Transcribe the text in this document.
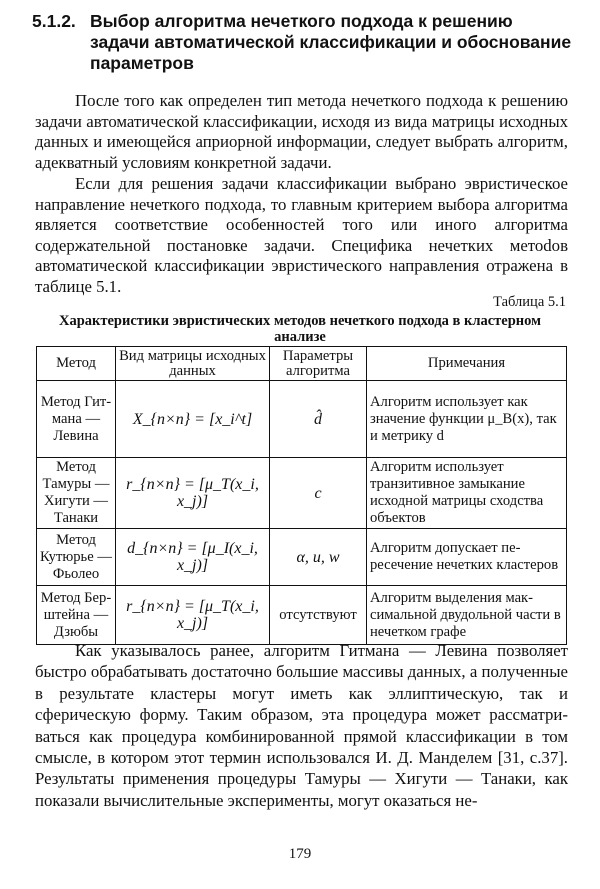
5.1.2. Выбор алгоритма нечеткого подхода к решению задачи автоматической классификации и обоснование параметров

После того как определен тип метода нечеткого подхода к решению задачи автоматической классификации, исходя из вида матрицы исходных данных и имеющейся априорной информации, следует выбрать алгоритм, адекватный условиям конкретной задачи.

Если для решения задачи классификации выбрано эвристическое направление нечеткого подхода, то главным критерием выбора алгоритма является соответствие особенностей того или иного алгоритма содержательной постановке задачи. Специфика нечетких метоdов автоматической классификации эвристического направления отражена в таблице 5.1.

Таблица 5.1
Характеристики эвристических методов нечеткого подхода в кластерном анализе
Метод	Вид матрицы исходных данных	Параметры алгоритма	Примечания
Метод Гитмана — Левина	X_{n×n} = [x_i^t]	d̂	Алгоритм использует как значение функции μ_B(x), так и метрику d
Метод Тамуры — Хигути — Танаки	r_{n×n} = [μ_T(x_i, x_j)]	c	Алгоритм использует транзитивное замыкание исходной матрицы сходства объектов
Метод Кутюрье — Фьолео	d_{n×n} = [μ_I(x_i, x_j)]	α, u, w	Алгоритм допускает пересечение нечетких кластеров
Метод Берштейна — Дзюбы	r_{n×n} = [μ_T(x_i, x_j)]	отсутствуют	Алгоритм выделения максимальной двудольной части в нечетком графе

Как указывалось ранее, алгоритм Гитмана — Левина позволяет быстро обрабатывать достаточно большие массивы данных, а полученные в результате кластеры могут иметь как эллиптическую, так и сферическую форму. Таким образом, эта процедура может рассматриваться как процедура комбинированной прямой классификации в том смысле, в котором этот термин использовался И. Д. Манделем [31, с.37]. Результаты применения процедуры Тамуры — Хигути — Танаки, как показали вычислительные эксперименты, могут оказаться не-

179
